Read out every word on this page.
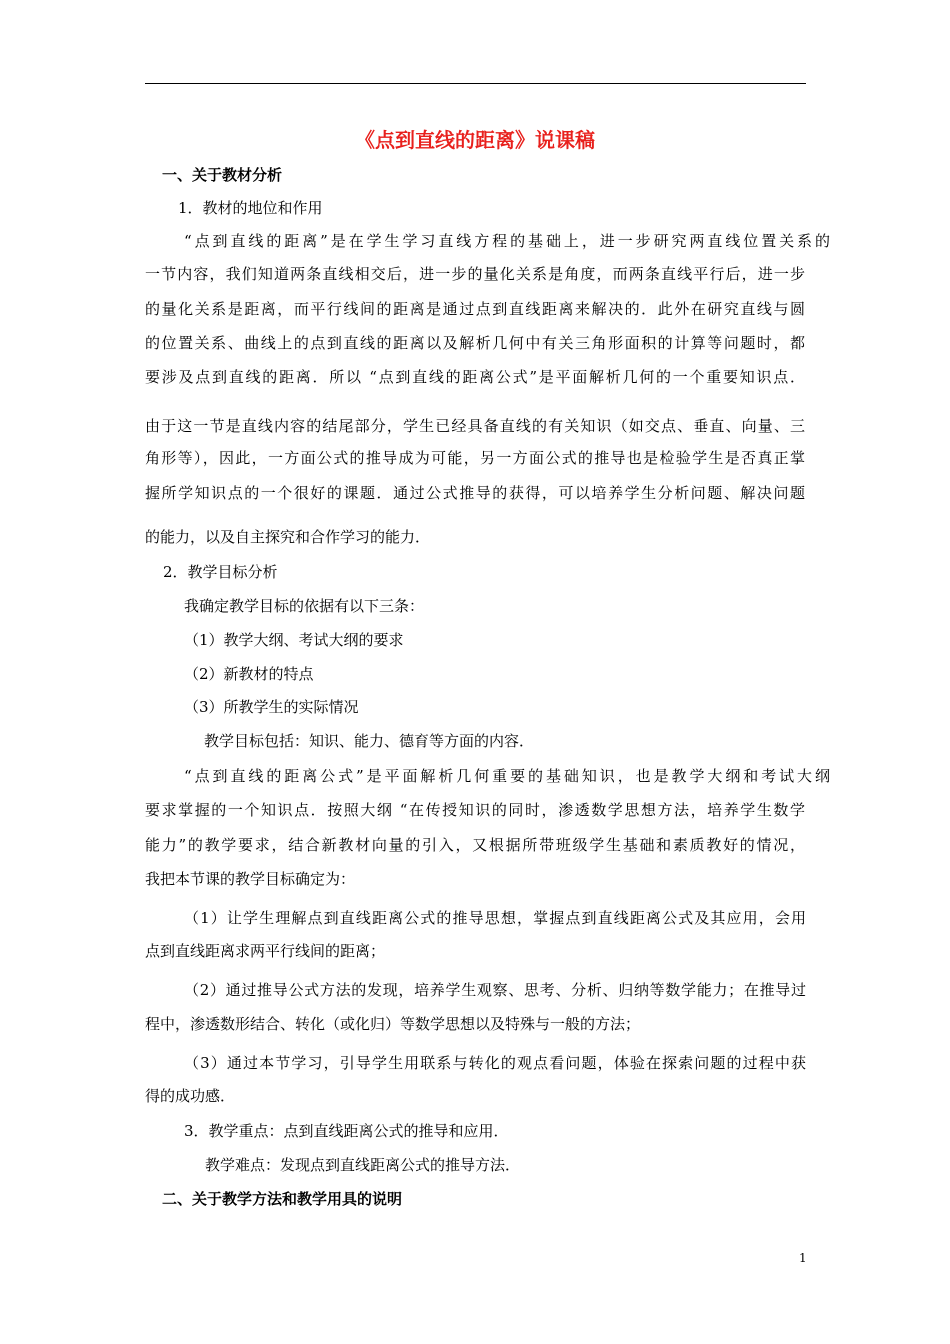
《点到直线的距离》说课稿
一、关于教材分析
1．教材的地位和作用
“点到直线的距离”是在学生学习直线方程的基础上，进一步研究两直线位置关系的
一节内容，我们知道两条直线相交后，进一步的量化关系是角度，而两条直线平行后，进一步
的量化关系是距离，而平行线间的距离是通过点到直线距离来解决的．此外在研究直线与圆
的位置关系、曲线上的点到直线的距离以及解析几何中有关三角形面积的计算等问题时，都
要涉及点到直线的距离．所以 “点到直线的距离公式”是平面解析几何的一个重要知识点．
由于这一节是直线内容的结尾部分，学生已经具备直线的有关知识（如交点、垂直、向量、三
角形等），因此，一方面公式的推导成为可能，另一方面公式的推导也是检验学生是否真正掌
握所学知识点的一个很好的课题．通过公式推导的获得，可以培养学生分析问题、解决问题
的能力，以及自主探究和合作学习的能力．
2．教学目标分析
我确定教学目标的依据有以下三条：
（1）教学大纲、考试大纲的要求
（2）新教材的特点
（3）所教学生的实际情况
教学目标包括：知识、能力、德育等方面的内容．
“点到直线的距离公式”是平面解析几何重要的基础知识，也是教学大纲和考试大纲
要求掌握的一个知识点．按照大纲 “在传授知识的同时，渗透数学思想方法，培养学生数学
能力”的教学要求，结合新教材向量的引入，又根据所带班级学生基础和素质教好的情况，
我把本节课的教学目标确定为：
（1）让学生理解点到直线距离公式的推导思想，掌握点到直线距离公式及其应用，会用
点到直线距离求两平行线间的距离；
（2）通过推导公式方法的发现，培养学生观察、思考、分析、归纳等数学能力；在推导过
程中，渗透数形结合、转化（或化归）等数学思想以及特殊与一般的方法；
（3）通过本节学习，引导学生用联系与转化的观点看问题，体验在探索问题的过程中获
得的成功感．
3．教学重点：点到直线距离公式的推导和应用．
教学难点：发现点到直线距离公式的推导方法．
二、关于教学方法和教学用具的说明
1
